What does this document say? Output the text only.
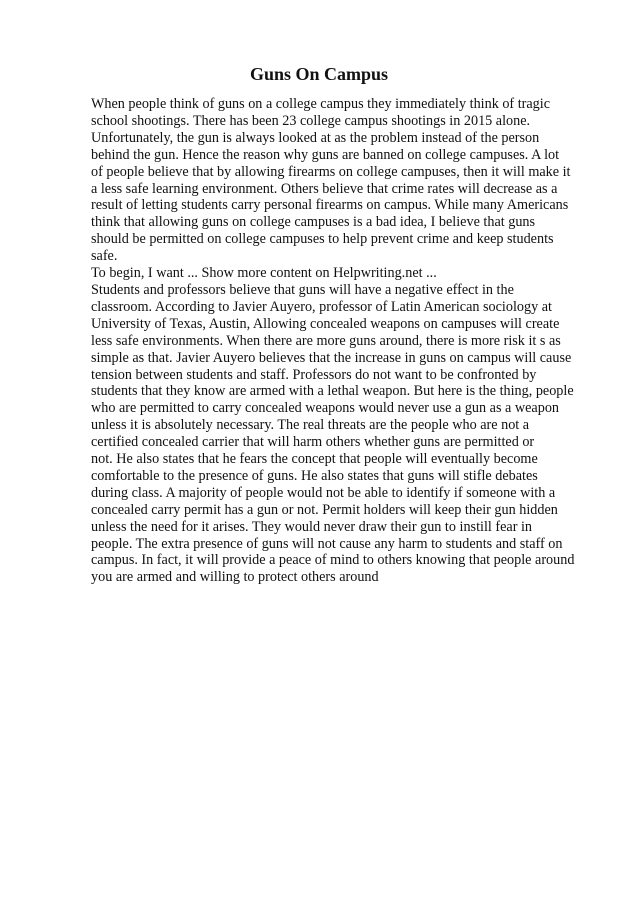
Guns On Campus
When people think of guns on a college campus they immediately think of tragic
school shootings. There has been 23 college campus shootings in 2015 alone.
Unfortunately, the gun is always looked at as the problem instead of the person
behind the gun. Hence the reason why guns are banned on college campuses. A lot
of people believe that by allowing firearms on college campuses, then it will make it
a less safe learning environment. Others believe that crime rates will decrease as a
result of letting students carry personal firearms on campus. While many Americans
think that allowing guns on college campuses is a bad idea, I believe that guns
should be permitted on college campuses to help prevent crime and keep students
safe.
To begin, I want ... Show more content on Helpwriting.net ...
Students and professors believe that guns will have a negative effect in the
classroom. According to Javier Auyero, professor of Latin American sociology at
University of Texas, Austin, Allowing concealed weapons on campuses will create
less safe environments. When there are more guns around, there is more risk it s as
simple as that. Javier Auyero believes that the increase in guns on campus will cause
tension between students and staff. Professors do not want to be confronted by
students that they know are armed with a lethal weapon. But here is the thing, people
who are permitted to carry concealed weapons would never use a gun as a weapon
unless it is absolutely necessary. The real threats are the people who are not a
certified concealed carrier that will harm others whether guns are permitted or
not. He also states that he fears the concept that people will eventually become
comfortable to the presence of guns. He also states that guns will stifle debates
during class. A majority of people would not be able to identify if someone with a
concealed carry permit has a gun or not. Permit holders will keep their gun hidden
unless the need for it arises. They would never draw their gun to instill fear in
people. The extra presence of guns will not cause any harm to students and staff on
campus. In fact, it will provide a peace of mind to others knowing that people around
you are armed and willing to protect others around
